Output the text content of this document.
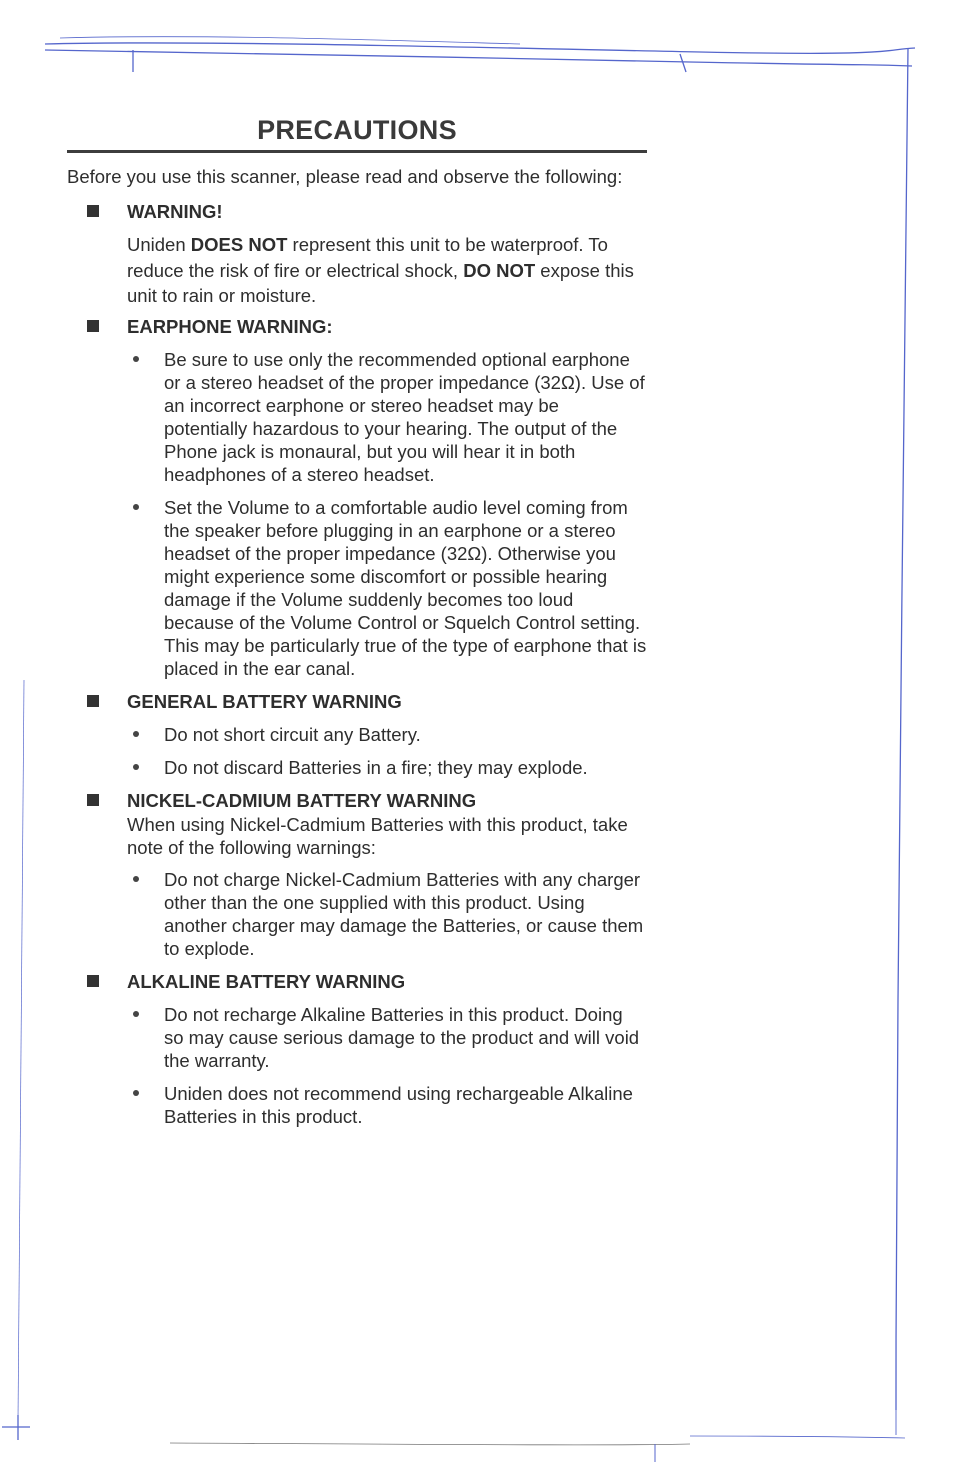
PRECAUTIONS

Before you use this scanner, please read and observe the following:

WARNING!

Uniden DOES NOT represent this unit to be waterproof. To reduce the risk of fire or electrical shock, DO NOT expose this unit to rain or moisture.

EARPHONE WARNING:

Be sure to use only the recommended optional earphone or a stereo headset of the proper impedance (32Ω). Use of an incorrect earphone or stereo headset may be potentially hazardous to your hearing. The output of the Phone jack is monaural, but you will hear it in both headphones of a stereo headset.
Set the Volume to a comfortable audio level coming from the speaker before plugging in an earphone or a stereo headset of the proper impedance (32Ω). Otherwise you might experience some discomfort or possible hearing damage if the Volume suddenly becomes too loud because of the Volume Control or Squelch Control setting. This may be particularly true of the type of earphone that is placed in the ear canal.

GENERAL BATTERY WARNING

Do not short circuit any Battery.
Do not discard Batteries in a fire; they may explode.

NICKEL-CADMIUM BATTERY WARNING

When using Nickel-Cadmium Batteries with this product, take note of the following warnings:

Do not charge Nickel-Cadmium Batteries with any charger other than the one supplied with this product. Using another charger may damage the Batteries, or cause them to explode.

ALKALINE BATTERY WARNING

Do not recharge Alkaline Batteries in this product. Doing so may cause serious damage to the product and will void the warranty.
Uniden does not recommend using rechargeable Alkaline Batteries in this product.
